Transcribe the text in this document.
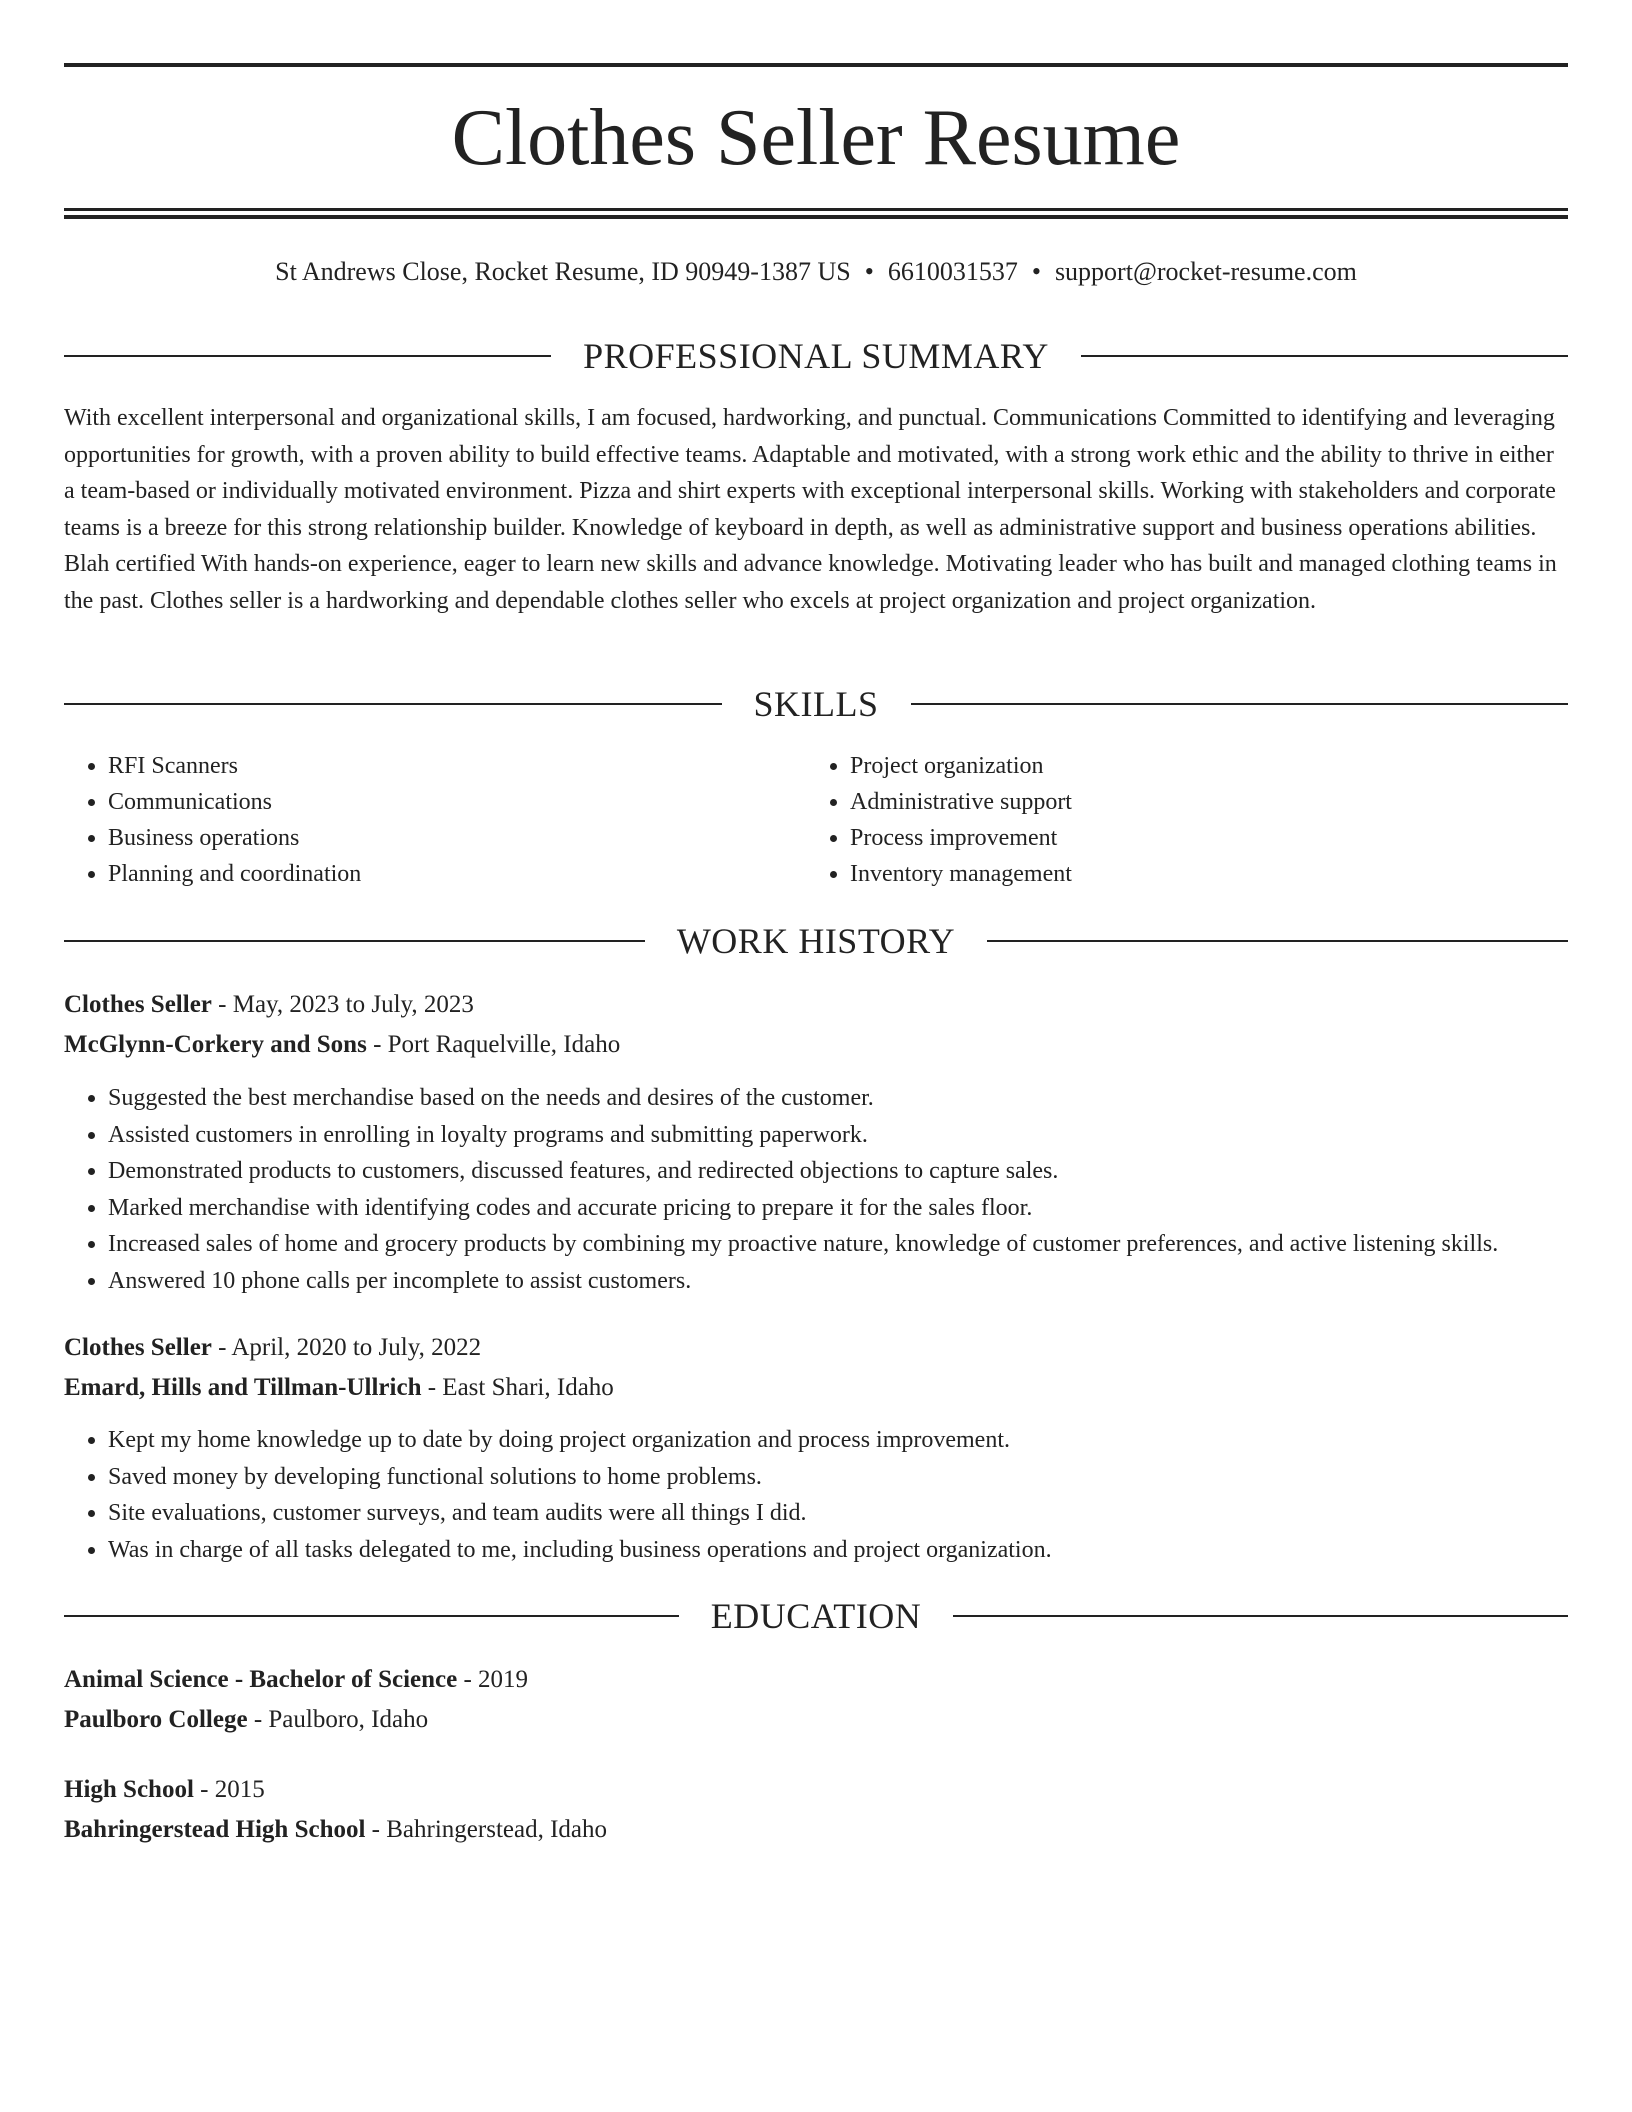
Clothes Seller Resume
St Andrews Close, Rocket Resume, ID 90949-1387 US • 6610031537 • support@rocket-resume.com
PROFESSIONAL SUMMARY

With excellent interpersonal and organizational skills, I am focused, hardworking, and punctual. Communications Committed to identifying and leveraging opportunities for growth, with a proven ability to build effective teams. Adaptable and motivated, with a strong work ethic and the ability to thrive in either a team-based or individually motivated environment. Pizza and shirt experts with exceptional interpersonal skills. Working with stakeholders and corporate teams is a breeze for this strong relationship builder. Knowledge of keyboard in depth, as well as administrative support and business operations abilities. Blah certified With hands-on experience, eager to learn new skills and advance knowledge. Motivating leader who has built and managed clothing teams in the past. Clothes seller is a hardworking and dependable clothes seller who excels at project organization and project organization.

SKILLS
• RFI Scanners
• Communications
• Business operations
• Planning and coordination
• Project organization
• Administrative support
• Process improvement
• Inventory management
WORK HISTORY
Clothes Seller - May, 2023 to July, 2023
McGlynn-Corkery and Sons - Port Raquelville, Idaho
• Suggested the best merchandise based on the needs and desires of the customer.
• Assisted customers in enrolling in loyalty programs and submitting paperwork.
• Demonstrated products to customers, discussed features, and redirected objections to capture sales.
• Marked merchandise with identifying codes and accurate pricing to prepare it for the sales floor.
• Increased sales of home and grocery products by combining my proactive nature, knowledge of customer preferences, and active listening skills.
• Answered 10 phone calls per incomplete to assist customers.
Clothes Seller - April, 2020 to July, 2022
Emard, Hills and Tillman-Ullrich - East Shari, Idaho
• Kept my home knowledge up to date by doing project organization and process improvement.
• Saved money by developing functional solutions to home problems.
• Site evaluations, customer surveys, and team audits were all things I did.
• Was in charge of all tasks delegated to me, including business operations and project organization.
EDUCATION
Animal Science - Bachelor of Science - 2019
Paulboro College - Paulboro, Idaho
High School - 2015
Bahringerstead High School - Bahringerstead, Idaho
